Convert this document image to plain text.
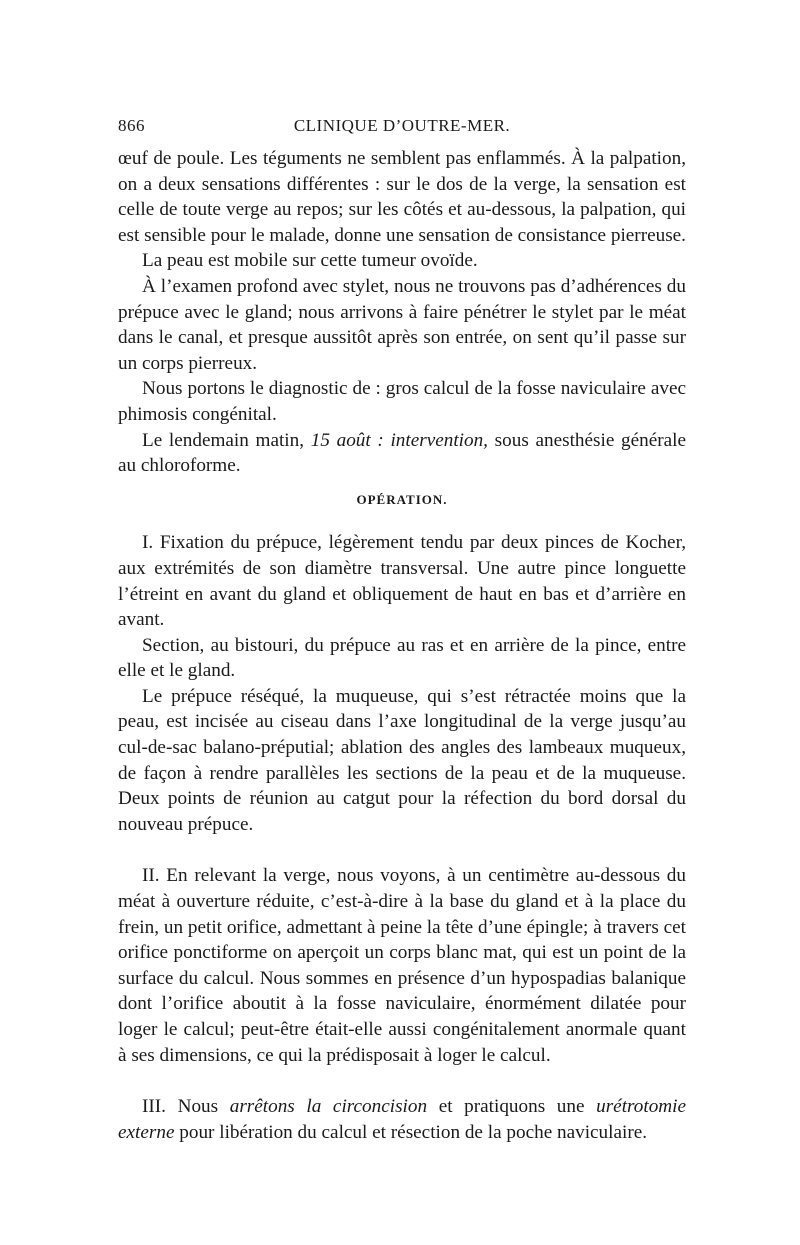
866	CLINIQUE D’OUTRE-MER.

œuf de poule. Les téguments ne semblent pas enflammés. À la palpation, on a deux sensations différentes : sur le dos de la verge, la sensation est celle de toute verge au repos; sur les côtés et au-dessous, la palpation, qui est sensible pour le malade, donne une sensation de consistance pierreuse.

La peau est mobile sur cette tumeur ovoïde.

À l’examen profond avec stylet, nous ne trouvons pas d’adhérences du prépuce avec le gland; nous arrivons à faire pénétrer le stylet par le méat dans le canal, et presque aussitôt après son entrée, on sent qu’il passe sur un corps pierreux.

Nous portons le diagnostic de : gros calcul de la fosse naviculaire avec phimosis congénital.

Le lendemain matin, 15 août : intervention, sous anesthésie générale au chloroforme.

OPÉRATION.

I. Fixation du prépuce, légèrement tendu par deux pinces de Kocher, aux extrémités de son diamètre transversal. Une autre pince longuette l’étreint en avant du gland et obliquement de haut en bas et d’arrière en avant.

Section, au bistouri, du prépuce au ras et en arrière de la pince, entre elle et le gland.

Le prépuce réséqué, la muqueuse, qui s’est rétractée moins que la peau, est incisée au ciseau dans l’axe longitudinal de la verge jusqu’au cul-de-sac balano-préputial; ablation des angles des lambeaux muqueux, de façon à rendre parallèles les sections de la peau et de la muqueuse. Deux points de réunion au catgut pour la réfection du bord dorsal du nouveau prépuce.

II. En relevant la verge, nous voyons, à un centimètre au-dessous du méat à ouverture réduite, c’est-à-dire à la base du gland et à la place du frein, un petit orifice, admettant à peine la tête d’une épingle; à travers cet orifice ponctiforme on aperçoit un corps blanc mat, qui est un point de la surface du calcul. Nous sommes en présence d’un hypospadias balanique dont l’orifice aboutit à la fosse naviculaire, énormément dilatée pour loger le calcul; peut-être était-elle aussi congénitalement anormale quant à ses dimensions, ce qui la prédisposait à loger le calcul.

III. Nous arrêtons la circoncision et pratiquons une urétrotomie externe pour libération du calcul et résection de la poche naviculaire.
